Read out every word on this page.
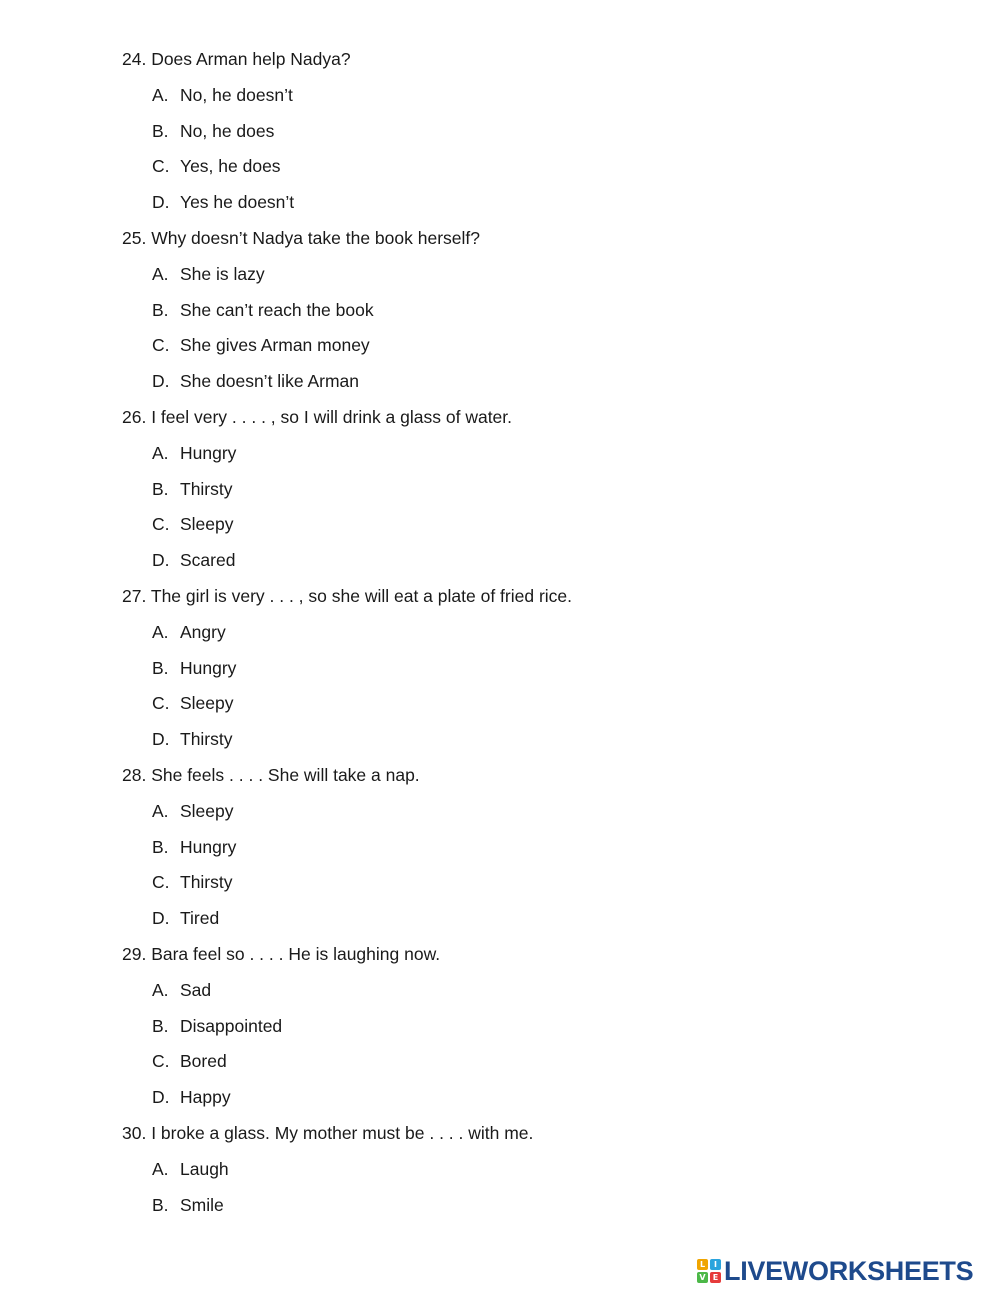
24. Does Arman help Nadya?
A. No, he doesn’t
B. No, he does
C. Yes, he does
D. Yes he doesn’t
25. Why doesn’t Nadya take the book herself?
A. She is lazy
B. She can’t reach the book
C. She gives Arman money
D. She doesn’t like Arman
26. I feel very . . . . , so I will drink a glass of water.
A. Hungry
B. Thirsty
C. Sleepy
D. Scared
27. The girl is very . . . , so she will eat a plate of fried rice.
A. Angry
B. Hungry
C. Sleepy
D. Thirsty
28. She feels . . . . She will take a nap.
A. Sleepy
B. Hungry
C. Thirsty
D. Tired
29. Bara feel so . . . . He is laughing now.
A. Sad
B. Disappointed
C. Bored
D. Happy
30. I broke a glass. My mother must be . . . . with me.
A. Laugh
B. Smile
L	I
V E LIVEWORKSHEETS
